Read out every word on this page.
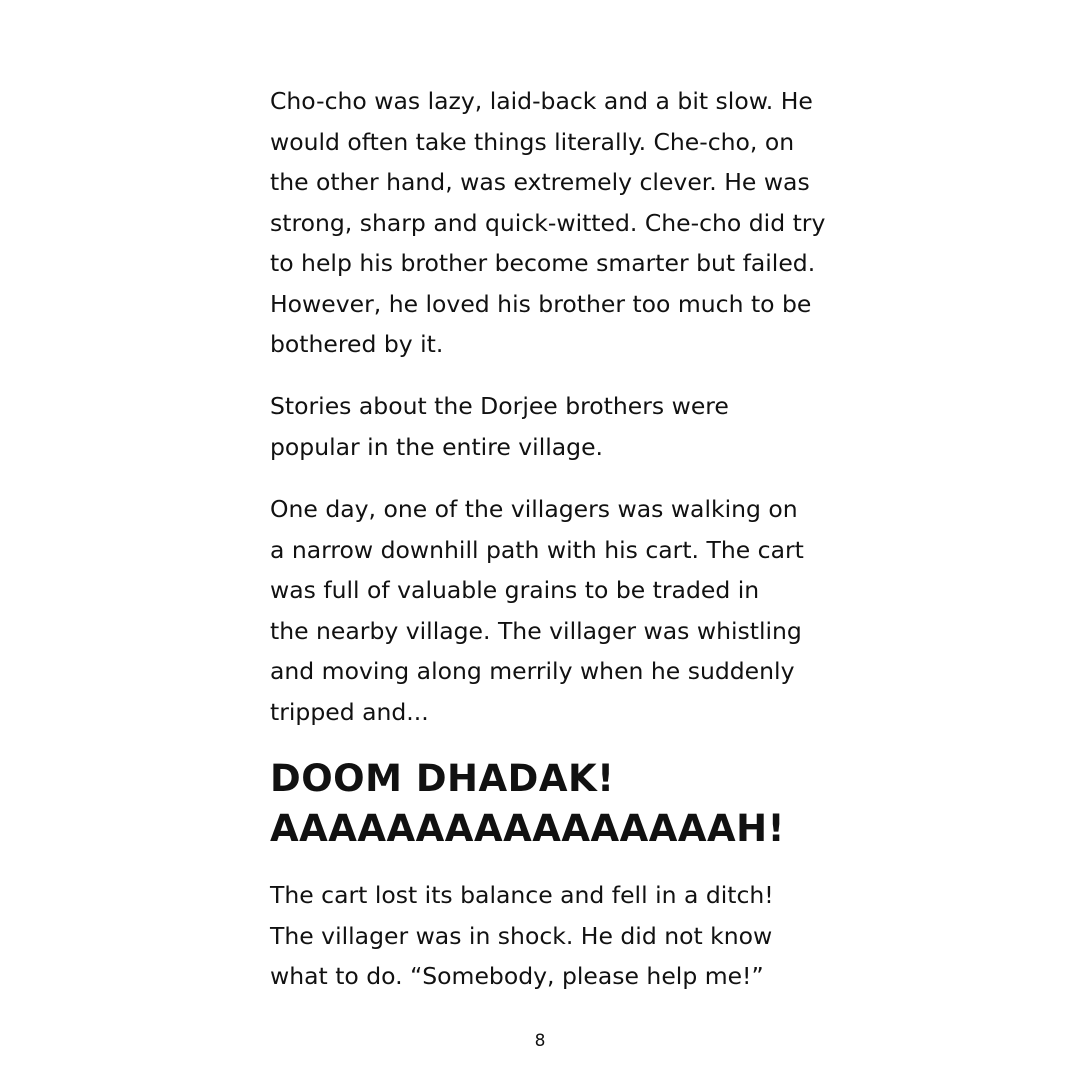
Cho-cho was lazy, laid-back and a bit slow. He
would often take things literally. Che-cho, on
the other hand, was extremely clever. He was
strong, sharp and quick-witted. Che-cho did try
to help his brother become smarter but failed.
However, he loved his brother too much to be
bothered by it.

Stories about the Dorjee brothers were
popular in the entire village.

One day, one of the villagers was walking on
a narrow downhill path with his cart. The cart
was full of valuable grains to be traded in
the nearby village. The villager was whistling
and moving along merrily when he suddenly
tripped and...

DOOM DHADAK!
AAAAAAAAAAAAAAAAH!

The cart lost its balance and fell in a ditch!
The villager was in shock. He did not know
what to do. “Somebody, please help me!”

8
